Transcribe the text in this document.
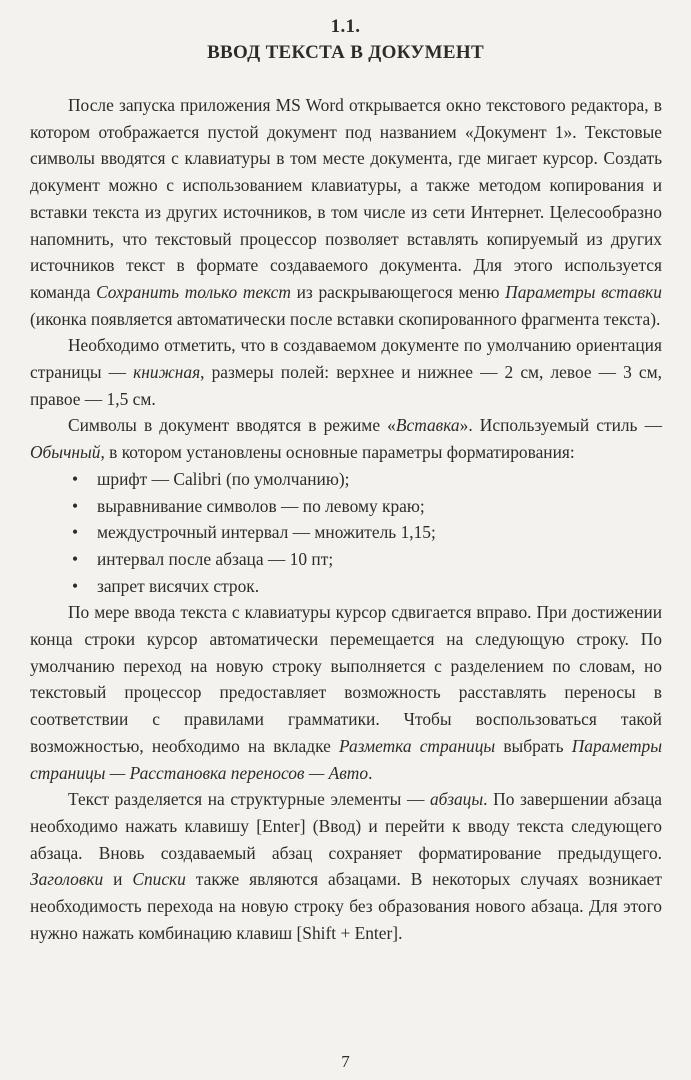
1.1.
ВВОД ТЕКСТА В ДОКУМЕНТ

После запуска приложения MS Word открывается окно текстового редактора, в котором отображается пустой документ под названием «Документ 1». Текстовые символы вводятся с клавиатуры в том месте документа, где мигает курсор. Создать документ можно с использованием клавиатуры, а также методом копирования и вставки текста из других источников, в том числе из сети Интернет. Целесообразно напомнить, что текстовый процессор позволяет вставлять копируемый из других источников текст в формате создаваемого документа. Для этого используется команда Сохранить только текст из раскрывающегося меню Параметры вставки (иконка появляется автоматически после вставки скопированного фрагмента текста).

Необходимо отметить, что в создаваемом документе по умолчанию ориентация страницы — книжная, размеры полей: верхнее и нижнее — 2 см, левое — 3 см, правое — 1,5 см.

Символы в документ вводятся в режиме «Вставка». Используемый стиль — Обычный, в котором установлены основные параметры форматирования:

• шрифт — Calibri (по умолчанию);
• выравнивание символов — по левому краю;
• междустрочный интервал — множитель 1,15;
• интервал после абзаца — 10 пт;
• запрет висячих строк.

По мере ввода текста с клавиатуры курсор сдвигается вправо. При достижении конца строки курсор автоматически перемещается на следующую строку. По умолчанию переход на новую строку выполняется с разделением по словам, но текстовый процессор предоставляет возможность расставлять переносы в соответствии с правилами грамматики. Чтобы воспользоваться такой возможностью, необходимо на вкладке Разметка страницы выбрать Параметры страницы — Расстановка переносов — Авто.

Текст разделяется на структурные элементы — абзацы. По завершении абзаца необходимо нажать клавишу [Enter] (Ввод) и перейти к вводу текста следующего абзаца. Вновь создаваемый абзац сохраняет форматирование предыдущего. Заголовки и Списки также являются абзацами. В некоторых случаях возникает необходимость перехода на новую строку без образования нового абзаца. Для этого нужно нажать комбинацию клавиш [Shift + Enter].

7
